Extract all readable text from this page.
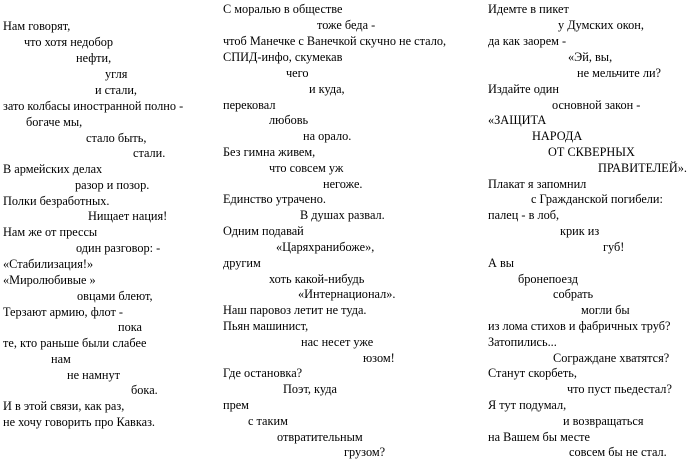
Нам говорят,
что хотя недобор
нефти,
угля
и стали,
зато колбасы иностранной полно -
богаче мы,
стало быть,
стали.
В армейских делах
разор и позор.
Полки безработных.
Нищает нация!
Нам же от прессы
один разговор: -
«Стабилизация!»
«Миролюбивые »
овцами блеют,
Терзают армию, флот -
пока
те, кто раньше были слабее
нам
не намнут
бока.
И в этой связи, как раз,
не хочу говорить про Кавказ.
С моралью в обществе
тоже беда -
чтоб Манечке с Ванечкой скучно не стало,
СПИД-инфо, скумекав
чего
и куда,
перековал
любовь
на орало.
Без гимна живем,
что совсем уж
негоже.
Единство утрачено.
В душах развал.
Одним подавай
«Царяхранибоже»,
другим
хоть какой-нибудь
«Интернационал».
Наш паровоз летит не туда.
Пьян машинист,
нас несет уже
юзом!
Где остановка?
Поэт, куда
прем
с таким
отвратительным
грузом?
Идемте в пикет
у Думских окон,
да как заорем -
«Эй, вы,
не мельчите ли?
Издайте один
основной закон -
«ЗАЩИТА
НАРОДА
ОТ СКВЕРНЫХ
ПРАВИТЕЛЕЙ».
Плакат я запомнил
с Гражданской погибели:
палец - в лоб,
крик из
губ!
А вы
бронепоезд
собрать
могли бы
из лома стихов и фабричных труб?
Затопились...
Сограждане хватятся?
Станут скорбеть,
что пуст пьедестал?
Я тут подумал,
и возвращаться
на Вашем бы месте
совсем бы не стал.
